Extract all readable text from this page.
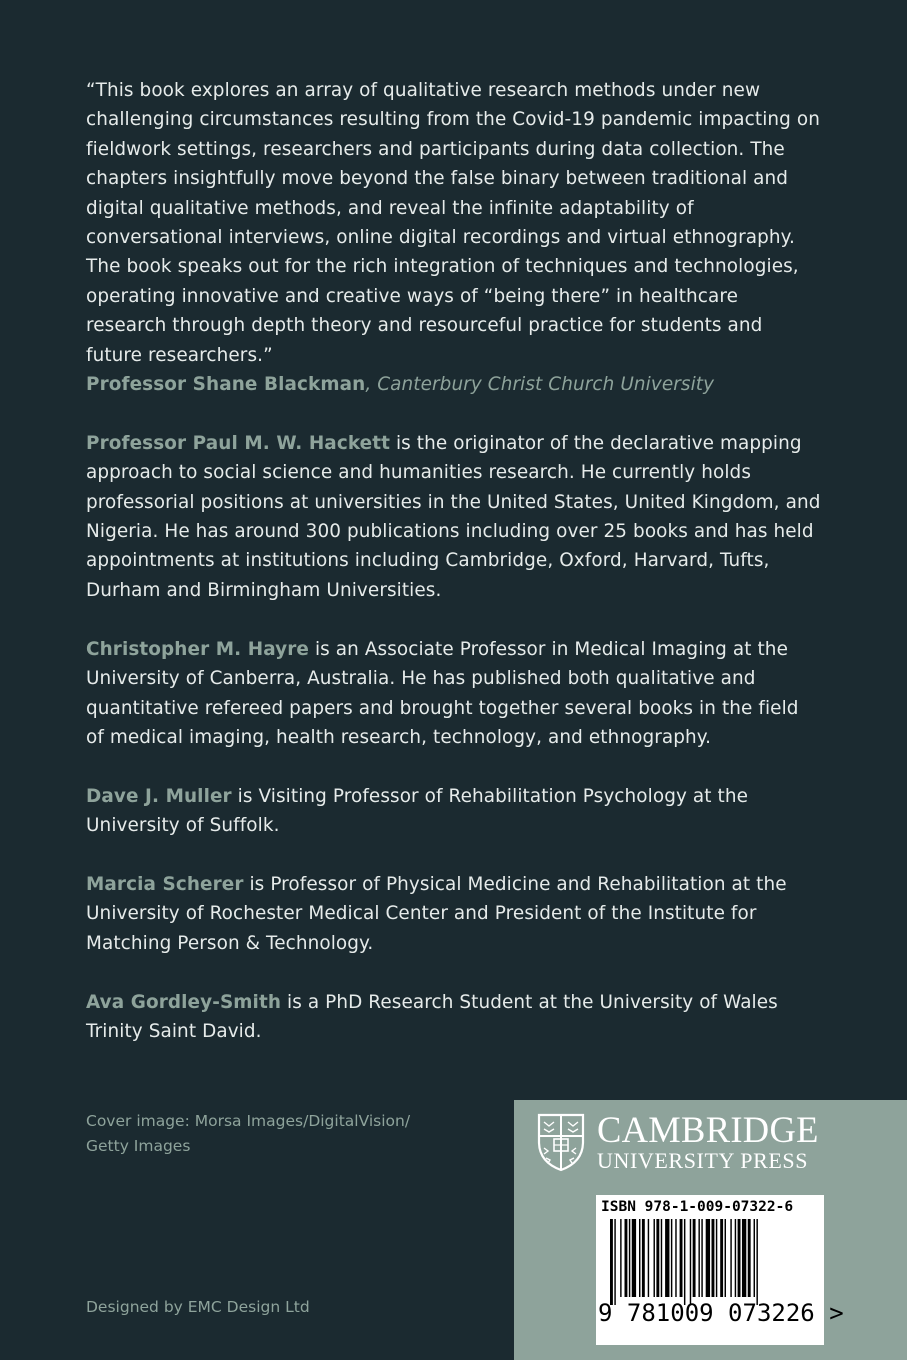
“This book explores an array of qualitative research methods under new challenging circumstances resulting from the Covid-19 pandemic impacting on fieldwork settings, researchers and participants during data collection. The chapters insightfully move beyond the false binary between traditional and digital qualitative methods, and reveal the infinite adaptability of conversational interviews, online digital recordings and virtual ethnography. The book speaks out for the rich integration of techniques and technologies, operating innovative and creative ways of “being there” in healthcare research through depth theory and resourceful practice for students and future researchers.”
Professor Shane Blackman, Canterbury Christ Church University

Professor Paul M. W. Hackett is the originator of the declarative mapping approach to social science and humanities research. He currently holds professorial positions at universities in the United States, United Kingdom, and Nigeria. He has around 300 publications including over 25 books and has held appointments at institutions including Cambridge, Oxford, Harvard, Tufts, Durham and Birmingham Universities.

Christopher M. Hayre is an Associate Professor in Medical Imaging at the University of Canberra, Australia. He has published both qualitative and quantitative refereed papers and brought together several books in the field of medical imaging, health research, technology, and ethnography.

Dave J. Muller is Visiting Professor of Rehabilitation Psychology at the University of Suffolk.

Marcia Scherer is Professor of Physical Medicine and Rehabilitation at the University of Rochester Medical Center and President of the Institute for Matching Person & Technology.

Ava Gordley-Smith is a PhD Research Student at the University of Wales Trinity Saint David.

Cover image: Morsa Images/DigitalVision/
Getty Images
Designed by EMC Design Ltd
CAMBRIDGE
UNIVERSITY PRESS
ISBN 978-1-009-07322-6
9 781009 073226 >
